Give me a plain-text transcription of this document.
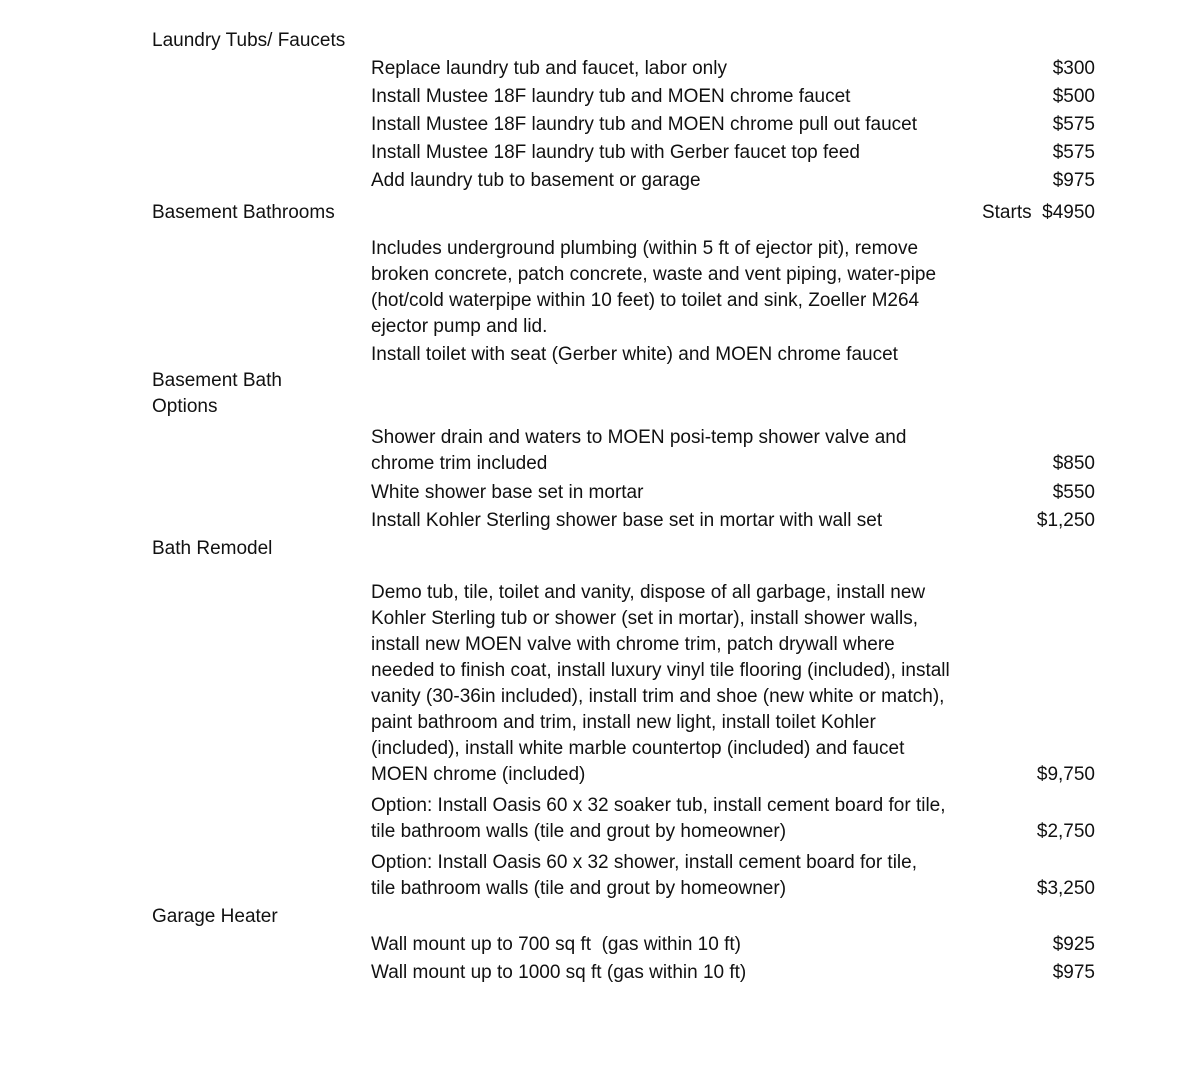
Laundry Tubs/ Faucets
Replace laundry tub and faucet, labor only	$300
Install Mustee 18F laundry tub and MOEN chrome faucet	$500
Install Mustee 18F laundry tub and MOEN chrome pull out faucet	$575
Install Mustee 18F laundry tub with Gerber faucet top feed	$575
Add laundry tub to basement or garage	$975
Basement Bathrooms	Starts  $4950
Includes underground plumbing (within 5 ft of ejector pit), remove broken concrete, patch concrete, waste and vent piping, water-pipe (hot/cold waterpipe within 10 feet) to toilet and sink, Zoeller M264 ejector pump and lid.
Install toilet with seat (Gerber white) and MOEN chrome faucet
Basement Bath
Options
Shower drain and waters to MOEN posi-temp shower valve and chrome trim included	$850
White shower base set in mortar	$550
Install Kohler Sterling shower base set in mortar with wall set	$1,250
Bath Remodel
Demo tub, tile, toilet and vanity, dispose of all garbage, install new Kohler Sterling tub or shower (set in mortar), install shower walls, install new MOEN valve with chrome trim, patch drywall where needed to finish coat, install luxury vinyl tile flooring (included), install vanity (30-36in included), install trim and shoe (new white or match), paint bathroom and trim, install new light, install toilet Kohler (included), install white marble countertop (included) and faucet MOEN chrome (included)	$9,750
Option: Install Oasis 60 x 32 soaker tub, install cement board for tile, tile bathroom walls (tile and grout by homeowner)	$2,750
Option: Install Oasis 60 x 32 shower, install cement board for tile, tile bathroom walls (tile and grout by homeowner)	$3,250
Garage Heater
Wall mount up to 700 sq ft  (gas within 10 ft)	$925
Wall mount up to 1000 sq ft (gas within 10 ft)	$975
